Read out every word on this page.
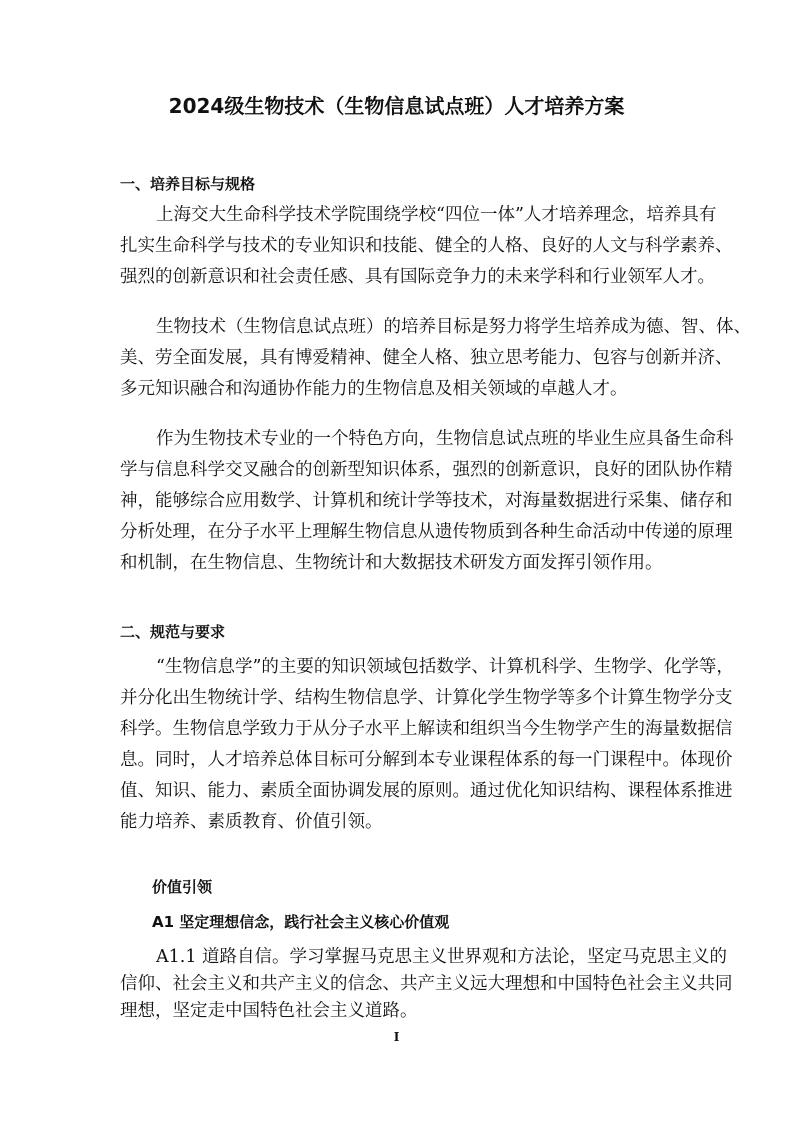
2024级生物技术（生物信息试点班）人才培养方案
一、培养目标与规格
上海交大生命科学技术学院围绕学校“四位一体”人才培养理念，培养具有
扎实生命科学与技术的专业知识和技能、健全的人格、良好的人文与科学素养、
强烈的创新意识和社会责任感、具有国际竞争力的未来学科和行业领军人才。
生物技术（生物信息试点班）的培养目标是努力将学生培养成为德、智、体、
美、劳全面发展，具有博爱精神、健全人格、独立思考能力、包容与创新并济、
多元知识融合和沟通协作能力的生物信息及相关领域的卓越人才。
作为生物技术专业的一个特色方向，生物信息试点班的毕业生应具备生命科
学与信息科学交叉融合的创新型知识体系，强烈的创新意识，良好的团队协作精
神，能够综合应用数学、计算机和统计学等技术，对海量数据进行采集、储存和
分析处理，在分子水平上理解生物信息从遗传物质到各种生命活动中传递的原理
和机制，在生物信息、生物统计和大数据技术研发方面发挥引领作用。
二、规范与要求
“生物信息学”的主要的知识领域包括数学、计算机科学、生物学、化学等，
并分化出生物统计学、结构生物信息学、计算化学生物学等多个计算生物学分支
科学。生物信息学致力于从分子水平上解读和组织当今生物学产生的海量数据信
息。同时，人才培养总体目标可分解到本专业课程体系的每一门课程中。体现价
值、知识、能力、素质全面协调发展的原则。通过优化知识结构、课程体系推进
能力培养、素质教育、价值引领。
价值引领
A1 坚定理想信念，践行社会主义核心价值观
A1.1 道路自信。学习掌握马克思主义世界观和方法论，坚定马克思主义的
信仰、社会主义和共产主义的信念、共产主义远大理想和中国特色社会主义共同
理想，坚定走中国特色社会主义道路。
I
